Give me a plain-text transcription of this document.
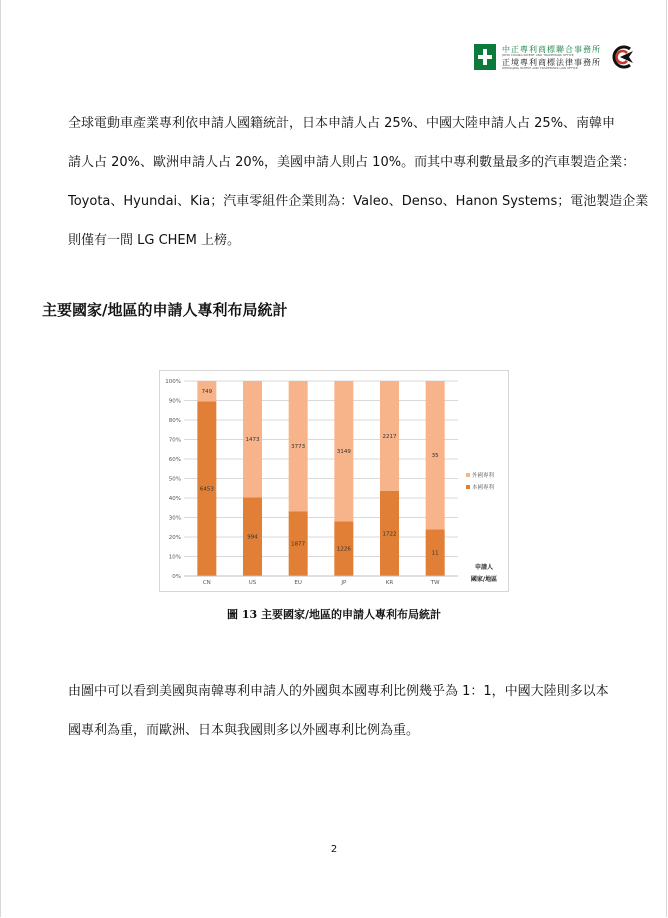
中正專利商標聯合事務所
JOHN CHIANG PATENT AND TRADEMARK OFFICE
正境專利商標法律事務所
ZHENGJING PATENT AND TRADEMARK LAW OFFICE
全球電動車產業專利依申請人國籍統計，日本申請人占 25%、中國大陸申請人占 25%、南韓申
請人占 20%、歐洲申請人占 20%，美國申請人則占 10%。而其中專利數量最多的汽車製造企業：
Toyota、Hyundai、Kia；汽車零組件企業則為：Valeo、Denso、Hanon Systems；電池製造企業
則僅有一間 LG CHEM 上榜。
主要國家/地區的申請人專利布局統計
0%
10%
20%
30%
40%
50%
60%
70%
80%
90%
100%
6453
749
CN
994
1473
US
1877
3773
EU
1226
3149
JP
1722
2217
KR
11
35
TW
外國專利
本國專利
申請人
國家/地區

圖 13 主要國家/地區的申請人專利布局統計

由圖中可以看到美國與南韓專利申請人的外國與本國專利比例幾乎為 1：1，中國大陸則多以本
國專利為重，而歐洲、日本與我國則多以外國專利比例為重。
2
